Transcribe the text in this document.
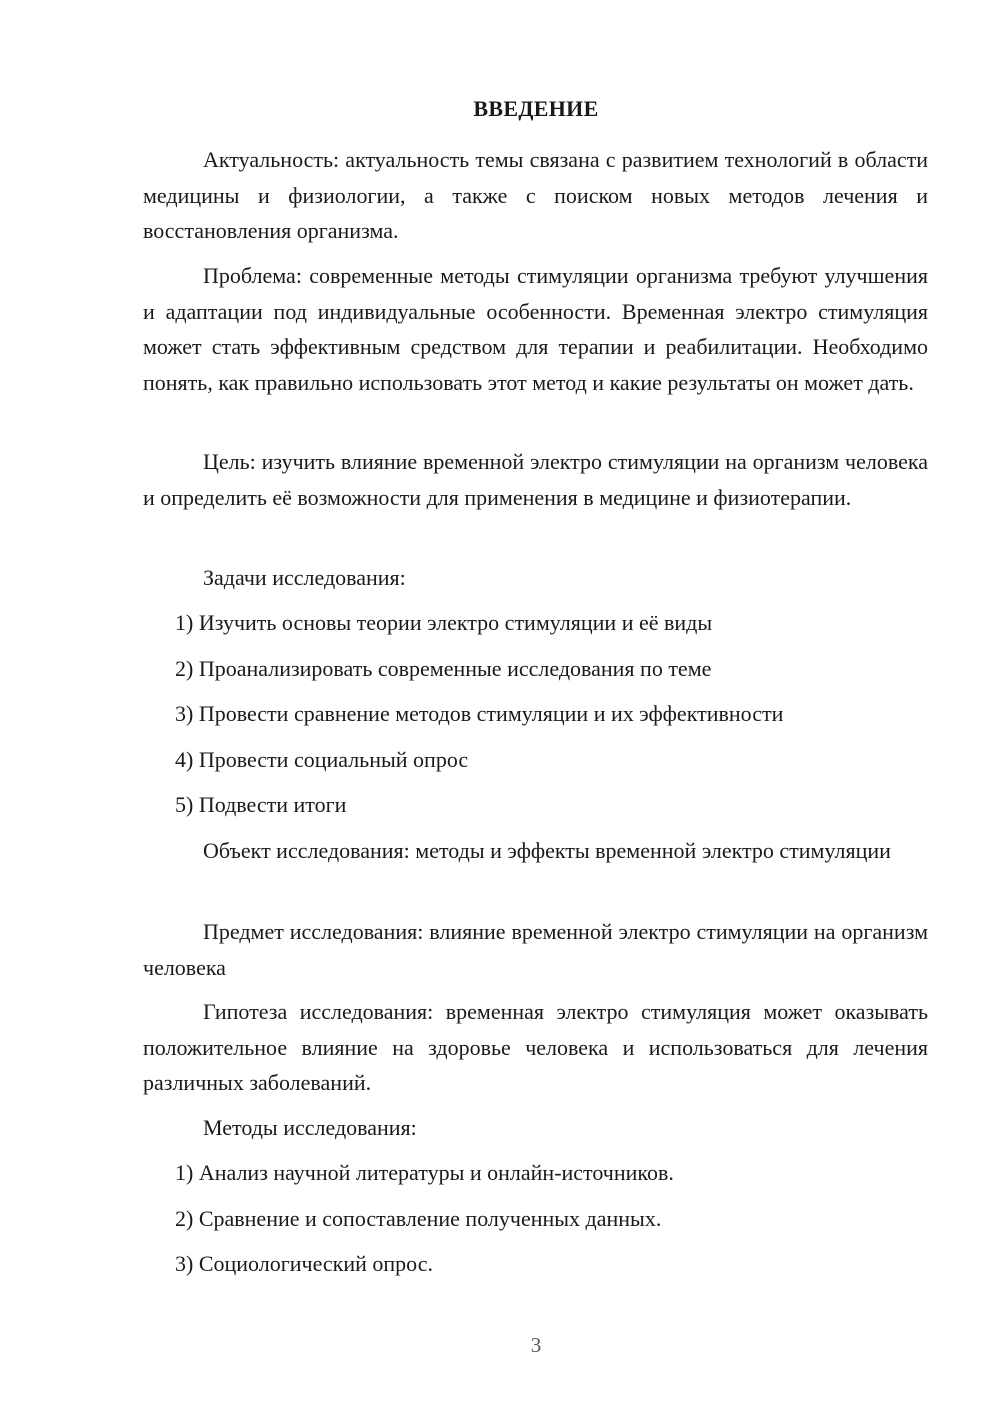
ВВЕДЕНИЕ

Актуальность: актуальность темы связана с развитием технологий в области медицины и физиологии, а также с поиском новых методов лечения и восстановления организма.

Проблема: современные методы стимуляции организма требуют улучшения и адаптации под индивидуальные особенности. Временная электро стимуляция может стать эффективным средством для терапии и реабилитации. Необходимо понять, как правильно использовать этот метод и какие результаты он может дать.

Цель: изучить влияние временной электро стимуляции на организм человека и определить её возможности для применения в медицине и физиотерапии.

Задачи исследования:

1) Изучить основы теории электро стимуляции и её виды

2) Проанализировать современные исследования по теме

3) Провести сравнение методов стимуляции и их эффективности

4) Провести социальный опрос

5) Подвести итоги

Объект исследования: методы и эффекты временной электро стимуляции

Предмет исследования: влияние временной электро стимуляции на организм человека

Гипотеза исследования: временная электро стимуляция может оказывать положительное влияние на здоровье человека и использоваться для лечения различных заболеваний.

Методы исследования:

1) Анализ научной литературы и онлайн-источников.

2) Сравнение и сопоставление полученных данных.

3) Социологический опрос.

3
